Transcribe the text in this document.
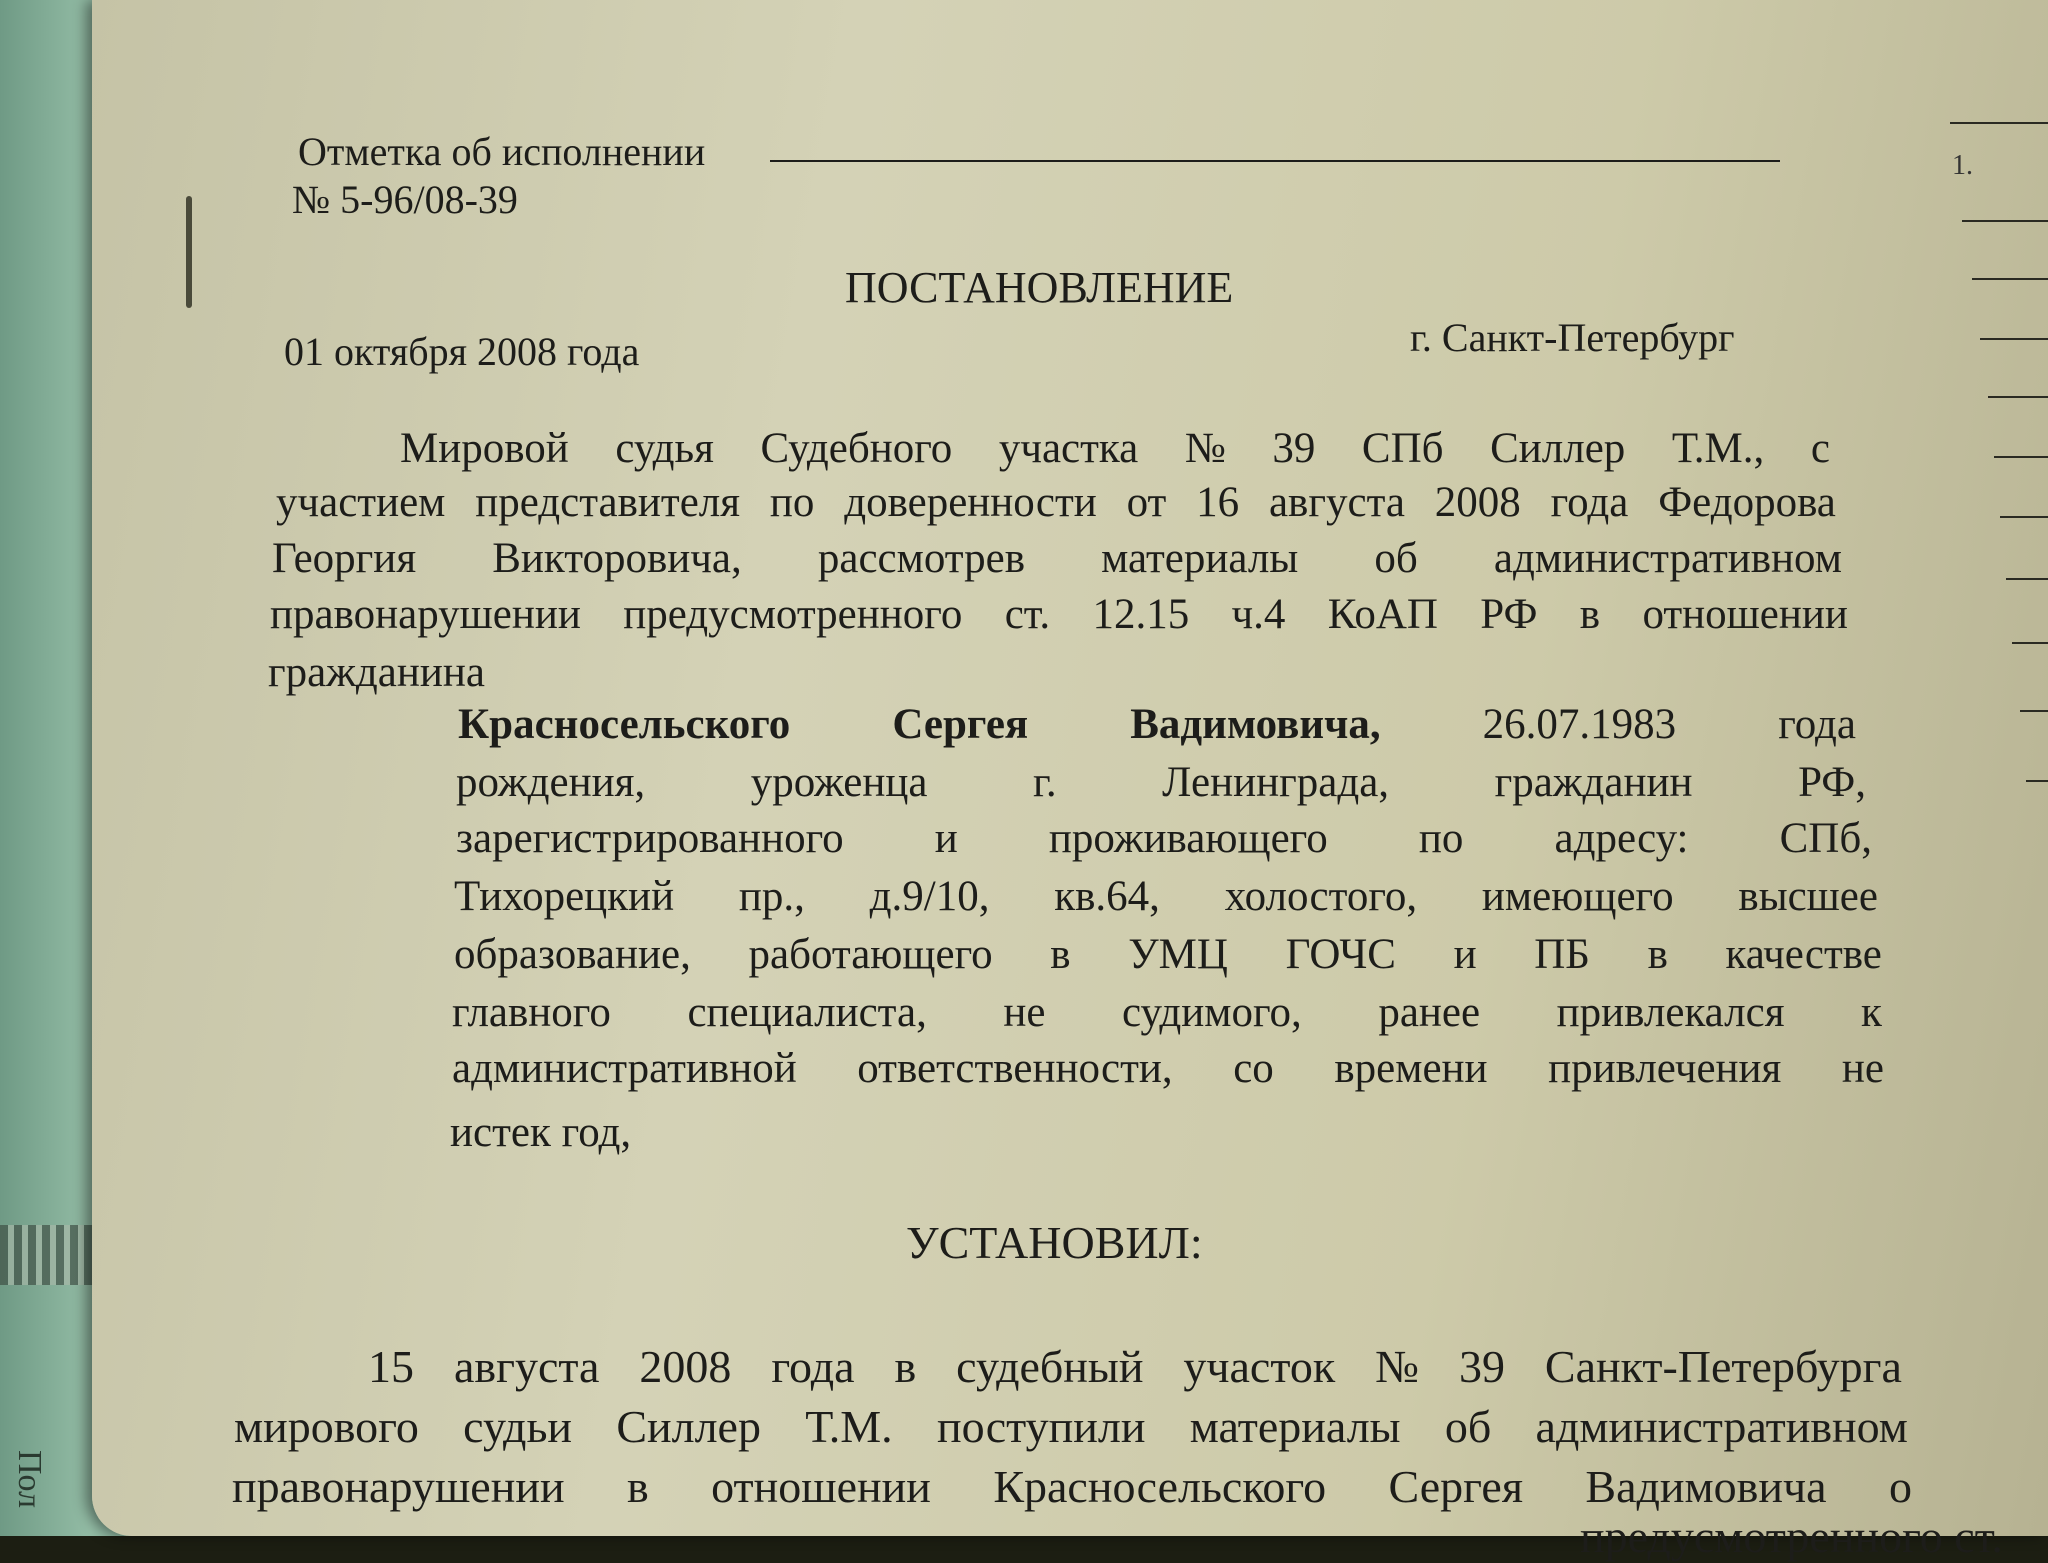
Пол
1.
Отметка об исполнении
№ 5-96/08-39
ПОСТАНОВЛЕНИЕ
01 октября 2008 года	г. Санкт-Петербург
Мировой судья Судебного участка № 39 СПб Силлер Т.М., с
участием представителя по доверенности от 16 августа 2008 года Федорова
Георгия Викторовича, рассмотрев материалы об административном
правонарушении предусмотренного ст. 12.15 ч.4 КоАП РФ в отношении
гражданина
Красносельского Сергея Вадимовича, 26.07.1983 года
рождения, уроженца г. Ленинграда, гражданин РФ,
зарегистрированного и проживающего по адресу: СПб,
Тихорецкий пр., д.9/10, кв.64, холостого, имеющего высшее
образование, работающего в УМЦ ГОЧС и ПБ в качестве
главного специалиста, не судимого, ранее привлекался к
административной ответственности, со времени привлечения не
истек год,
УСТАНОВИЛ:
15 августа 2008 года в судебный участок № 39 Санкт-Петербурга
мирового судьи Силлер Т.М. поступили материалы об административном
правонарушении в отношении Красносельского Сергея Вадимовича о
предусмотренного ст.
